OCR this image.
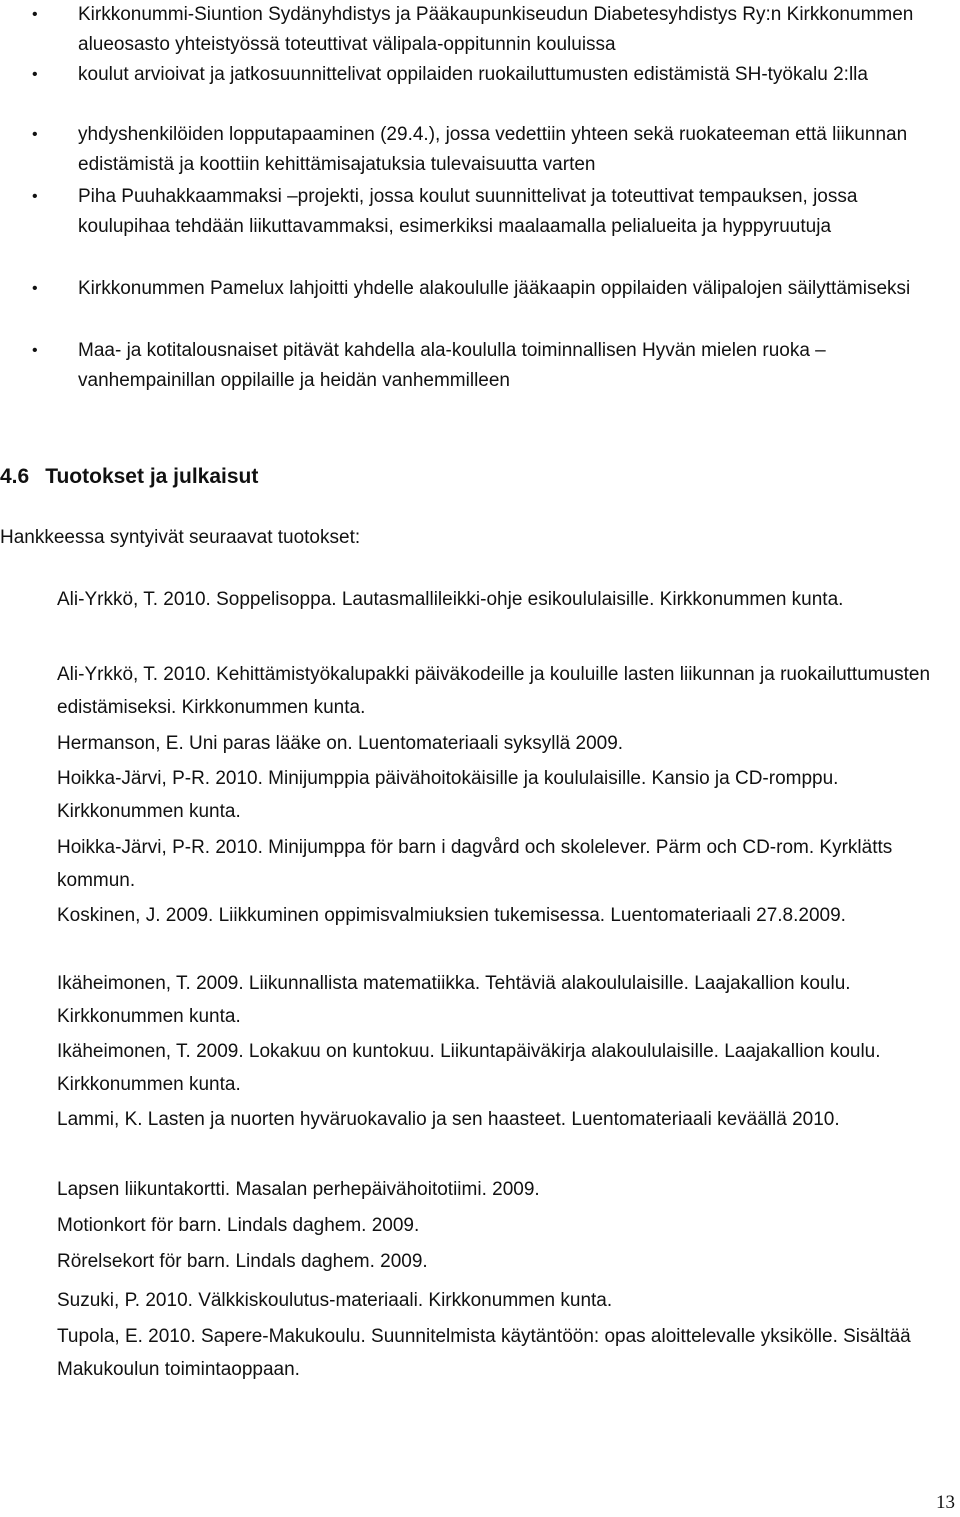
• Kirkkonummi-Siuntion Sydänyhdistys ja Pääkaupunkiseudun Diabetesyhdistys Ry:n Kirkkonummen alueosasto yhteistyössä toteuttivat välipala-oppitunnin kouluissa
• koulut arvioivat ja jatkosuunnittelivat oppilaiden ruokailuttumusten edistämistä SH-työkalu 2:lla
• yhdyshenkilöiden lopputapaaminen (29.4.), jossa vedettiin yhteen sekä ruokateeman että liikunnan edistämistä ja koottiin kehittämisajatuksia tulevaisuutta varten
• Piha Puuhakkaammaksi –projekti, jossa koulut suunnittelivat ja toteuttivat tempauksen, jossa koulupihaa tehdään liikuttavammaksi, esimerkiksi maalaamalla pelialueita ja hyppyruutuja
• Kirkkonummen Pamelux lahjoitti yhdelle alakoululle jääkaapin oppilaiden välipalojen säilyttämiseksi
• Maa- ja kotitalousnaiset pitävät kahdella ala-koululla toiminnallisen Hyvän mielen ruoka –vanhempainillan oppilaille ja heidän vanhemmilleen
4.6 Tuotokset ja julkaisut
Hankkeessa syntyivät seuraavat tuotokset:
Ali-Yrkkö, T. 2010. Soppelisoppa. Lautasmallileikki-ohje esikoululaisille. Kirkkonummen kunta.
Ali-Yrkkö, T. 2010. Kehittämistyökalupakki päiväkodeille ja kouluille lasten liikunnan ja ruokailuttumusten edistämiseksi. Kirkkonummen kunta.
Hermanson, E. Uni paras lääke on. Luentomateriaali syksyllä 2009.
Hoikka-Järvi, P-R. 2010. Minijumppia päivähoitokäisille ja koululaisille. Kansio ja CD-romppu. Kirkkonummen kunta.
Hoikka-Järvi, P-R. 2010. Minijumppa för barn i dagvård och skolelever. Pärm och CD-rom. Kyrklätts kommun.
Koskinen, J. 2009. Liikkuminen oppimisvalmiuksien tukemisessa. Luentomateriaali 27.8.2009.
Ikäheimonen, T. 2009. Liikunnallista matematiikka. Tehtäviä alakoululaisille. Laajakallion koulu. Kirkkonummen kunta.
Ikäheimonen, T. 2009. Lokakuu on kuntokuu. Liikuntapäiväkirja alakoululaisille. Laajakallion koulu. Kirkkonummen kunta.
Lammi, K. Lasten ja nuorten hyväruokavalio ja sen haasteet. Luentomateriaali keväällä 2010.
Lapsen liikuntakortti. Masalan perhepäivähoitotiimi. 2009.
Motionkort för barn. Lindals daghem. 2009.
Rörelsekort för barn. Lindals daghem. 2009.
Suzuki, P. 2010. Välkkiskoulutus-materiaali. Kirkkonummen kunta.
Tupola, E. 2010. Sapere-Makukoulu. Suunnitelmista käytäntöön: opas aloittelevalle yksikölle. Sisältää Makukoulun toimintaoppaan.
13
